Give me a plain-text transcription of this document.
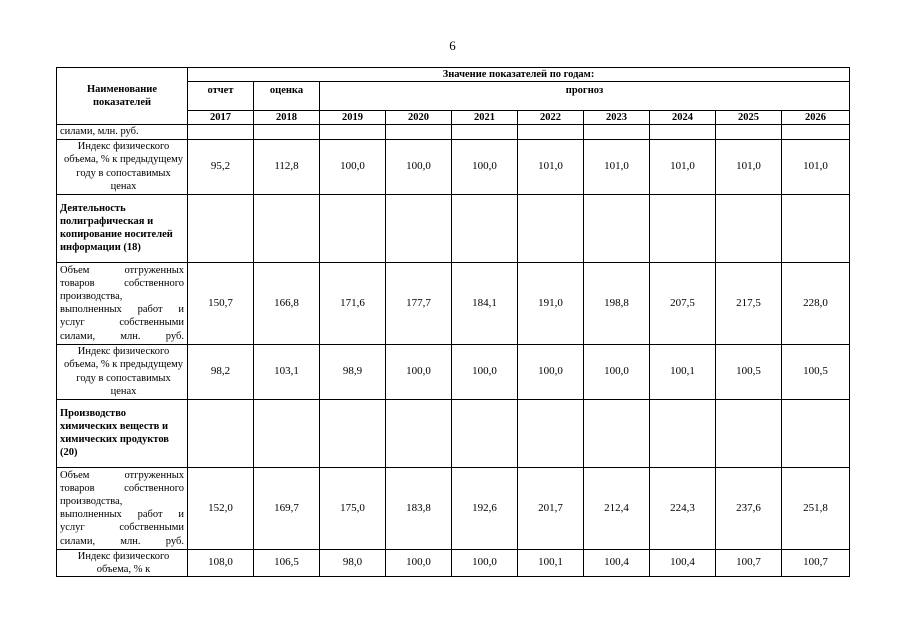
6
Наименование показателей	Значение показателей по годам:									
	отчет	оценка	прогноз							
	2017	2018	2019	2020	2021	2022	2023	2024	2025	2026
силами, млн. руб.										
Индекс физического объема, % к предыдущему году в сопоставимых ценах	95,2	112,8	100,0	100,0	100,0	101,0	101,0	101,0	101,0	101,0
Деятельность полиграфическая и копирование носителей информации (18)										
Объем отгруженных товаров собственного производства, выполненных работ и услуг собственными силами, млн. руб.	150,7	166,8	171,6	177,7	184,1	191,0	198,8	207,5	217,5	228,0
Индекс физического объема, % к предыдущему году в сопоставимых ценах	98,2	103,1	98,9	100,0	100,0	100,0	100,0	100,1	100,5	100,5
Производство химических веществ и химических продуктов (20)										
Объем отгруженных товаров собственного производства, выполненных работ и услуг собственными силами, млн. руб.	152,0	169,7	175,0	183,8	192,6	201,7	212,4	224,3	237,6	251,8
Индекс физического объема, % к	108,0	106,5	98,0	100,0	100,0	100,1	100,4	100,4	100,7	100,7
